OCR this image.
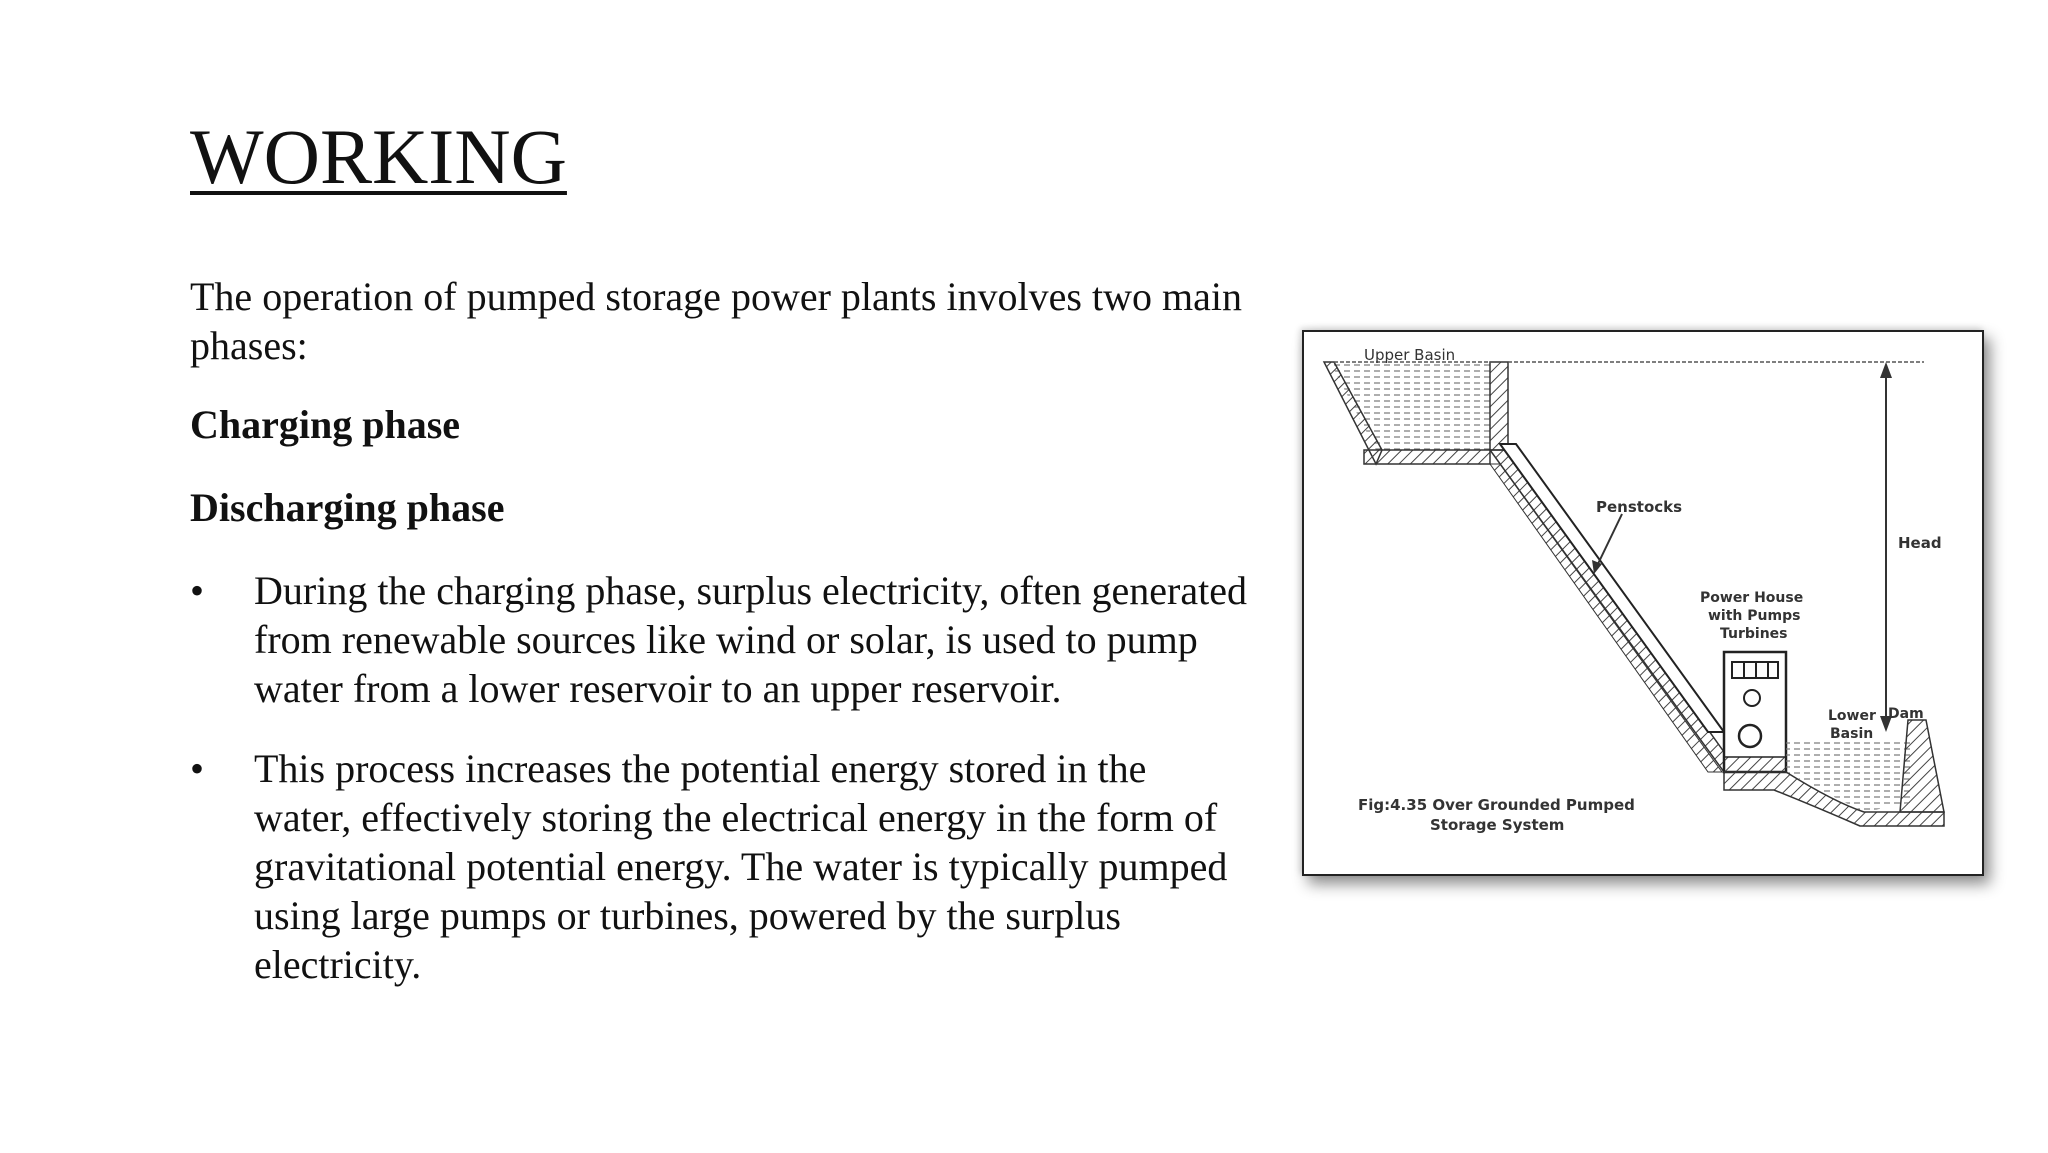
WORKING

The operation of pumped storage power plants involves two main phases:

Charging phase

Discharging phase

• During the charging phase, surplus electricity, often generated from renewable sources like wind or solar, is used to pump water from a lower reservoir to an upper reservoir.
• This process increases the potential energy stored in the water, effectively storing the electrical energy in the form of gravitational potential energy. The water is typically pumped using large pumps or turbines, powered by the surplus electricity.
Upper Basin
Penstocks
Head
Power House
with Pumps
Turbines
Lower
Basin
Dam
Fig:4.35 Over Grounded Pumped
Storage System
